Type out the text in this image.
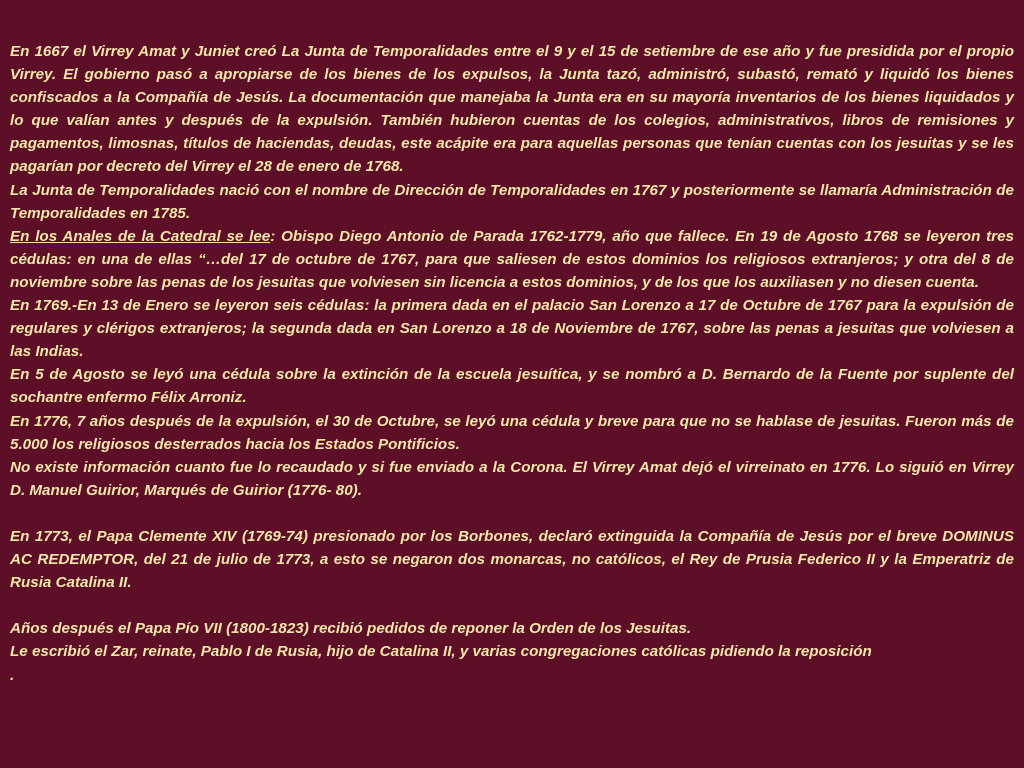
En 1667 el Virrey Amat y Juniet creó La Junta de Temporalidades entre el 9 y el 15 de setiembre de ese año y fue presidida por el propio Virrey. El gobierno pasó a apropiarse de los bienes de los expulsos, la Junta tazó, administró, subastó, remató y liquidó los bienes confiscados a la Compañía de Jesús. La documentación que manejaba la Junta era en su mayoría inventarios de los bienes liquidados y lo que valían antes y después de la expulsión. También hubieron cuentas de los colegios, administrativos, libros de remisiones y pagamentos, limosnas, títulos de haciendas, deudas, este acápite era para aquellas personas que tenían cuentas con los jesuitas y se les pagarían por decreto del Virrey el 28 de enero de 1768.

La Junta de Temporalidades nació con el nombre de Dirección de Temporalidades en 1767 y posteriormente se llamaría Administración de Temporalidades en 1785.

En los Anales de la Catedral se lee: Obispo Diego Antonio de Parada 1762-1779, año que fallece. En 19 de Agosto 1768 se leyeron tres cédulas: en una de ellas “…del 17 de octubre de 1767, para que saliesen de estos dominios los religiosos extranjeros; y otra del 8 de noviembre sobre las penas de los jesuitas que volviesen sin licencia a estos dominios, y de los que los auxiliasen y no diesen cuenta.

En 1769.-En 13 de Enero se leyeron seis cédulas: la primera dada en el palacio San Lorenzo a 17 de Octubre de 1767 para la expulsión de regulares y clérigos extranjeros; la segunda dada en San Lorenzo a 18 de Noviembre de 1767, sobre las penas a jesuitas que volviesen a las Indias.

En 5 de Agosto se leyó una cédula sobre la extinción de la escuela jesuítica, y se nombró a D. Bernardo de la Fuente por suplente del sochantre enfermo Félix Arroniz.

En 1776, 7 años después de la expulsión, el 30 de Octubre, se leyó una cédula y breve para que no se hablase de jesuitas. Fueron más de 5.000 los religiosos desterrados hacia los Estados Pontificios.

No existe información cuanto fue lo recaudado y si fue enviado a la Corona. El Virrey Amat dejó el virreinato en 1776. Lo siguió en Virrey D. Manuel Guirior, Marqués de Guirior (1776- 80).

En 1773, el Papa Clemente XIV (1769-74) presionado por los Borbones, declaró extinguida la Compañía de Jesús por el breve DOMINUS AC REDEMPTOR, del 21 de julio de 1773, a esto se negaron dos monarcas, no católicos, el Rey de Prusia Federico II y la Emperatriz de Rusia Catalina II.

Años después el Papa Pío VII (1800-1823) recibió pedidos de reponer la Orden de los Jesuitas.

Le escribió el Zar, reinate, Pablo I de Rusia, hijo de Catalina II, y varias congregaciones católicas pidiendo la reposición

.
